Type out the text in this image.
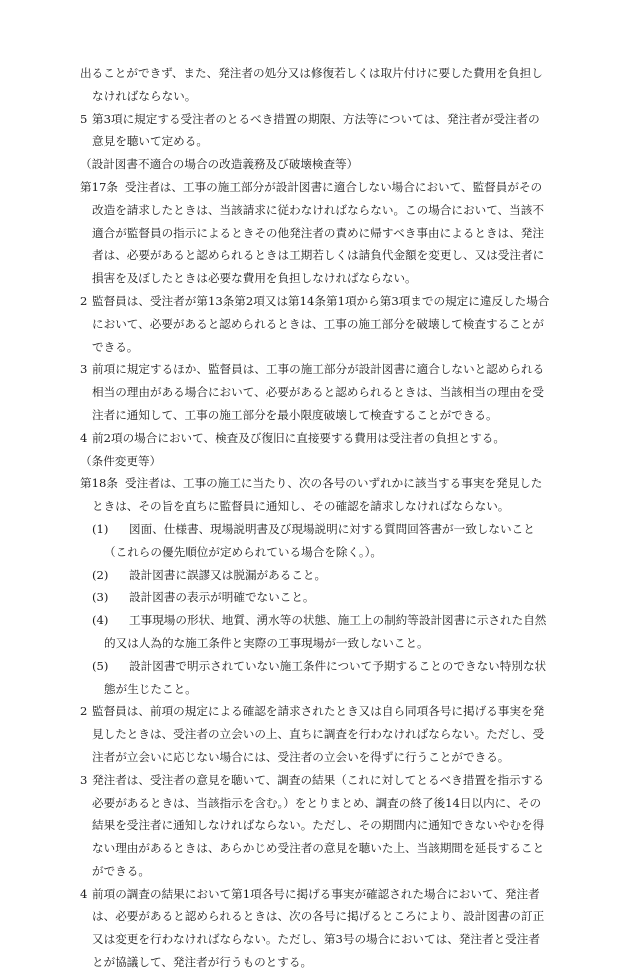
出ることができず、また、発注者の処分又は修復若しくは取片付けに要した費用を負担しなければならない。
5 第3項に規定する受注者のとるべき措置の期限、方法等については、発注者が受注者の意見を聴いて定める。
（設計図書不適合の場合の改造義務及び破壊検査等）
第17条 受注者は、工事の施工部分が設計図書に適合しない場合において、監督員がその改造を請求したときは、当該請求に従わなければならない。この場合において、当該不適合が監督員の指示によるときその他発注者の責めに帰すべき事由によるときは、発注者は、必要があると認められるときは工期若しくは請負代金額を変更し、又は受注者に損害を及ぼしたときは必要な費用を負担しなければならない。
2 監督員は、受注者が第13条第2項又は第14条第1項から第3項までの規定に違反した場合において、必要があると認められるときは、工事の施工部分を破壊して検査することができる。
3 前項に規定するほか、監督員は、工事の施工部分が設計図書に適合しないと認められる相当の理由がある場合において、必要があると認められるときは、当該相当の理由を受注者に通知して、工事の施工部分を最小限度破壊して検査することができる。
4 前2項の場合において、検査及び復旧に直接要する費用は受注者の負担とする。
（条件変更等）
第18条 受注者は、工事の施工に当たり、次の各号のいずれかに該当する事実を発見したときは、その旨を直ちに監督員に通知し、その確認を請求しなければならない。
(1)	図面、仕様書、現場説明書及び現場説明に対する質問回答書が一致しないこと（これらの優先順位が定められている場合を除く。）。
(2)	設計図書に誤謬又は脱漏があること。
(3)	設計図書の表示が明確でないこと。
(4)	工事現場の形状、地質、湧水等の状態、施工上の制約等設計図書に示された自然的又は人為的な施工条件と実際の工事現場が一致しないこと。
(5)	設計図書で明示されていない施工条件について予期することのできない特別な状態が生じたこと。
2 監督員は、前項の規定による確認を請求されたとき又は自ら同項各号に掲げる事実を発見したときは、受注者の立会いの上、直ちに調査を行わなければならない。ただし、受注者が立会いに応じない場合には、受注者の立会いを得ずに行うことができる。
3 発注者は、受注者の意見を聴いて、調査の結果（これに対してとるべき措置を指示する必要があるときは、当該指示を含む。）をとりまとめ、調査の終了後14日以内に、その結果を受注者に通知しなければならない。ただし、その期間内に通知できないやむを得ない理由があるときは、あらかじめ受注者の意見を聴いた上、当該期間を延長することができる。
4 前項の調査の結果において第1項各号に掲げる事実が確認された場合において、発注者は、必要があると認められるときは、次の各号に掲げるところにより、設計図書の訂正又は変更を行わなければならない。ただし、第3号の場合においては、発注者と受注者とが協議して、発注者が行うものとする。
